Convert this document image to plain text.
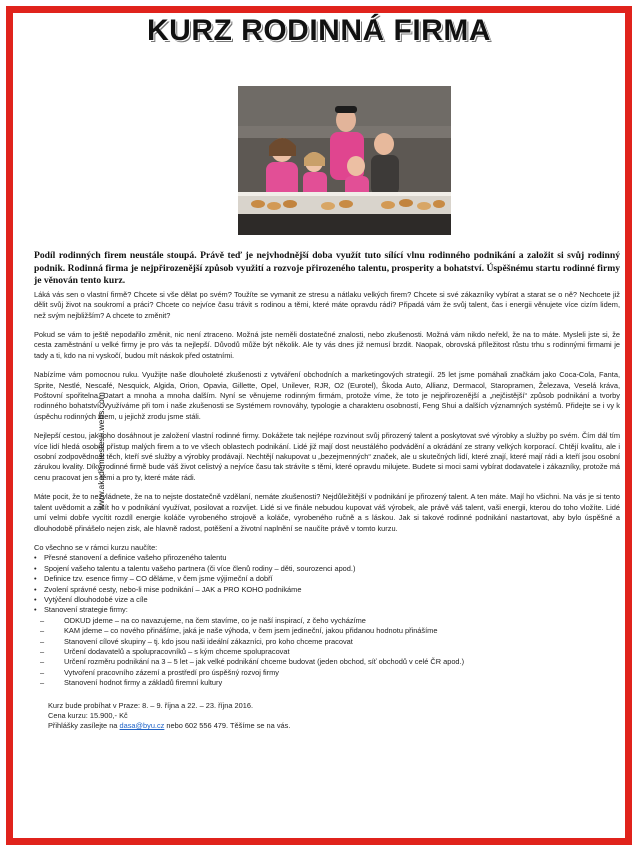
KURZ RODINNÁ FIRMA
www.akademiestesti.webs.com

Podíl rodinných firem neustále stoupá. Právě teď je nejvhodnější doba využít tuto sílící vlnu rodinného podnikání a založit si svůj rodinný podnik. Rodinná firma je nejpřirozenější způsob využití a rozvoje přirozeného talentu, prosperity a bohatství. Úspěšnému startu rodinné firmy je věnován tento kurz.

Láká vás sen o vlastní firmě? Chcete si vše dělat po svém? Toužíte se vymanit ze stresu a nátlaku velkých firem? Chcete si své zákazníky vybírat a starat se o ně? Nechcete již dělit svůj život na soukromí a práci? Chcete co nejvíce času trávit s rodinou a těmi, které máte opravdu rádi? Připadá vám že svůj talent, čas i energii věnujete více cizím lidem, než svým nejbližším? A chcete to změnit?

Pokud se vám to ještě nepodařilo změnit, nic není ztraceno. Možná jste neměli dostatečné znalosti, nebo zkušenosti. Možná vám nikdo neřekl, že na to máte. Mysleli jste si, že cesta zaměstnání u velké firmy je pro vás ta nejlepší. Důvodů může být několik. Ale ty vás dnes již nemusí brzdit. Naopak, obrovská příležitost růstu trhu s rodinnými firmami je tady a ti, kdo na ni vyskočí, budou mít náskok před ostatními.

Nabízíme vám pomocnou ruku. Využijte naše dlouholeté zkušenosti z vytváření obchodních a marketingových strategií. 25 let jsme pomáhali značkám jako Coca-Cola, Fanta, Sprite, Nestlé, Nescafé, Nesquick, Algida, Orion, Opavia, Gillette, Opel, Unilever, RJR, O2 (Eurotel), Škoda Auto, Allianz, Dermacol, Staropramen, Železava, Veselá kráva, Poštovní spořitelna, Datart a mnoha a mnoha dalším. Nyní se věnujeme rodinným firmám, protože víme, že toto je nejpřirozenější a „nejčistější“ způsob podnikání a tvorby rodinného bohatství. Využíváme při tom i naše zkušenosti se Systémem rovnováhy, typologie a charakteru osobností, Feng Shui a dalších významných systémů. Přidejte se i vy k úspěchu rodinných firem, u jejichž zrodu jsme stáli.

Nejlepší cestou, jak toho dosáhnout je založení vlastní rodinné firmy. Dokážete tak nejlépe rozvinout svůj přirozený talent a poskytovat své výrobky a služby po svém. Čím dál tím více lidí hledá osobní přístup malých firem a to ve všech oblastech podnikání. Lidé již mají dost neustálého podvádění a okrádání ze strany velkých korporací. Chtějí kvalitu, ale i osobní zodpovědnost těch, kteří své služby a výrobky prodávají. Nechtějí nakupovat u „bezejmenných“ značek, ale u skutečných lidí, které znají, které mají rádi a kteří jsou osobní zárukou kvality. Díky rodinné firmě bude váš život celistvý a nejvíce času tak strávíte s těmi, které opravdu milujete. Budete si moci sami vybírat dodavatele i zákazníky, protože má cenu pracovat jen s těmi a pro ty, které máte rádi.

Máte pocit, že to nezvládnete, že na to nejste dostatečně vzdělaní, nemáte zkušenosti? Nejdůležitější v podnikání je přirozený talent. A ten máte. Mají ho všichni. Na vás je si tento talent uvědomit a začít ho v podnikání využívat, posilovat a rozvíjet. Lidé si ve finále nebudou kupovat váš výrobek, ale právě váš talent, vaši energii, kterou do toho vložíte. Lidé umí velmi dobře vycítit rozdíl energie koláče vyrobeného strojově a koláče, vyrobeného ručně a s láskou. Jak si takové rodinné podnikání nastartovat, aby bylo úspěšné a dlouhodobě přinášelo nejen zisk, ale hlavně radost, potěšení a životní naplnění se naučíte právě v tomto kurzu.

Co všechno se v rámci kurzu naučíte:

• Přesné stanovení a definice vašeho přirozeného talentu
• Spojení vašeho talentu a talentu vašeho partnera (či více členů rodiny – děti, sourozenci apod.)
• Definice tzv. esence firmy – CO děláme, v čem jsme výjimeční a dobří
• Zvolení správné cesty, nebo-li mise podnikání – JAK a PRO KOHO podnikáme
• Vytýčení dlouhodobé vize a cíle
• Stanovení strategie firmy:
– ODKUD jdeme – na co navazujeme, na čem stavíme, co je naší inspirací, z čeho vycházíme
– KAM jdeme – co nového přinášíme, jaká je naše výhoda, v čem jsem jedineční, jakou přidanou hodnotu přinášíme
– Stanovení cílové skupiny – tj. kdo jsou naši ideální zákazníci, pro koho chceme pracovat
– Určení dodavatelů a spolupracovníků – s kým chceme spolupracovat
– Určení rozměru podnikání na 3 – 5 let – jak velké podnikání chceme budovat (jeden obchod, síť obchodů v celé ČR apod.)
– Vytvoření pracovního zázemí a prostředí pro úspěšný rozvoj firmy
– Stanovení hodnot firmy a základů firemní kultury
Kurz bude probíhat v Praze: 8. – 9. října a 22. – 23. října 2016.
Cena kurzu: 15.900,- Kč
Přihlášky zasílejte na dasa@byu.cz nebo 602 556 479. Těšíme se na vás.
